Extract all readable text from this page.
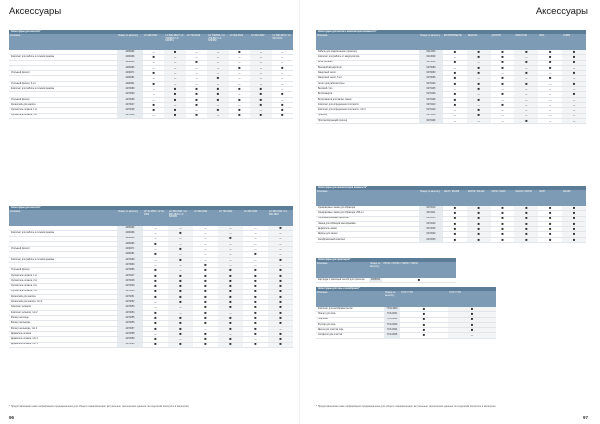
Аксессуары
Аксессуары для насосов*								
Описание	Номер по каталогу	LC 600-4522	LC 800-4522 / LC 700/952 / LC 600/951	LC 700-4522	LC 700/952 / LC 700-952 / LC 600/952	LC 600-4522	LC 800-4522	LC 600-4572 / LC 600-4572
	4290290	–	■	–	–	■	–	–
Комплект для работы в сетевом режиме	4290296	■	–	–	–	–	–	–
	4290240	–	–	■	–	–	–	–
	4290280	–	–	–	–	■	–	■
Угольный фильтр	4290271	■	–	–	–	–	–	–
	4290281	–	–	–	■	–	–	–
Угольный фильтр, 3 шт.	4290301	■	–	–	–	–	–	–
Комплект для работы в сетевом режиме	4270089	–	■	■	■	■	■	–
	4270090	–	■	■	■	–	■	■
Угольный фильтр	4270096	–	■	■	■	■	■	–
Кронштейн для насоса	4270047	■	–	■	–	–	■	■
Удлинитель шланга, 1 м	4270048	■	■	–	■	■	–	■
Удлинитель шланга, 3 м	4270049	–	■	■	–	■	■	■
Аксессуары для насосов*							
Описание	Номер по каталогу	LP 10-4552 / LP 10-4552	LC 600-4522 / LC 800-4522 / LC 600/951	LC 600-4522	LC 700-4522	LC 800-4522	LC 600-4522 / LC 600-4522
	4290290	–	–	–	–	–	■
Комплект для работы в сетевом режиме	4290296	–	■	–	–	–	–
	4290240	–	–	–	■	–	–
	4290280	■	–	–	–	–	–
Угольный фильтр	4290271	–	■	–	–	–	–
	4290281	■	–	–	–	■	–
Комплект для работы в сетевом режиме	4270089	–	■	–	–	–	■
	4270090	–	–	■	–	–	–
Угольный фильтр	4270096	■	–	■	■	■	■
Удлинитель шланга, 1 м	4270047	■	■	■	■	■	■
Удлинитель шланга, 2 м	4270048	■	■	■	■	■	■
Удлинитель шланга, 3 м	4270049	■	■	■	■	■	■
Удлинитель шланга, 5 м	4270050	■	■	■	■	■	■
Кронштейн для насоса	4270051	■	■	■	■	■	■
Кронштейн для насоса, тип 2	4270052	–	■	■	■	■	■
Комплект шлангов	4270053	–	–	■	■	■	■
Комплект шлангов, тип 2	4270054	■	–	■	–	■	■
Фильтр на входе	4270055	■	■	■	■	■	■
Фильтр на выходе	4270056	■	■	■	■	■	■
Фильтр на выходе, тип 2	4270057	■	■	–	■	■	–
Держатель шланга	4270058	–	■	■	–	■	■
Держатель шланга, тип 2	4270059	■	–	■	■	–	■
Держатель шланга, тип 3	4270060	■	■	■	■	■	■
* Представленная ниже информация предназначена для общего ознакомления; актуальные технические данные по изделиям смотрите в каталогах.
96
Аксессуары
Аксессуары для весов и анализаторов влажности*							
Описание	Номер по каталогу	ENTRIS/MSE/TE	SECURA	QUINTIX	PRACTUM	MSA	CUBIS
Кабель для подключения к принтеру	6213316	■	■	■	■	■	■
Комплект для работы от аккумулятора	6213000	–	■	■	–	■	■
Блок питания	6279030	■	–	■	■	■	■
Внешний аккумулятор	6279089	–	■	■	–	■	–
Защитный чехол	6279090	■	■	–	■	–	■
Защитный чехол, 5 шт.	6279096	■	–	■	–	■	–
Чехол для рабочей зоны	6279100	■	■	■	■	–	■
Весовой стол	6279105	–	■	–	–	–	–
Ветрозащита	6279106	■	–	■	–	–	■
Ветрозащита для малых чашек	6279108	■	■	–	–	–	–
Комплект для определения плотности	6279110	■	–	■	–	–	–
Комплект для определения плотности, тип 2	6279120	–	■	–	–	–	–
Принтер	6279150	–	■	–	–	–	–
Протоколирующий принтер	6279160	–	–	–	■	–	–
Аксессуары для анализаторов влажности*							
Описание	Номер по каталогу	MA37 / MA160	MA150 / MA160	MA30 / MA45	MA100 / MA150	MA37	MA160
Одноразовые чашки для образцов	6272010	■	■	■	■	■	■
Одноразовые чашки для образцов, 250 шт.	6272011	■	■	■	■	■	■
Стекловолоконные фильтры	6272015	■	■	■	■	■	■
Чашка для образцов многоразовая	6272020	■	■	■	■	■	■
Держатель чашки	6272025	■	■	■	■	■	■
Щипцы для чашек	6272030	■	■	■	■	■	■
Калибровочный комплект	6272035	■	■	■	■	■	■
Аксессуары для принтеров*		
Описание	Номер по каталогу	YDP10 / YDP20 / YDP30 / YDP40
Картридж с красящей лентой для принтера	6906918	■
Аксессуары для гирь и калибровки*			
Описание	Номер по каталогу	YCW / YCS	YCW / YCS
Комплект для калибровки весов	YCW-4520	■	■
Пинцет для гирь	YCS-0001	■	■
Перчатки	YCS-0002	■	■
Футляр для гирь	YCS-0003	■	■
Щетка для очистки гирь	YCS-0004	■	■
Салфетки для очистки	YCS-0005	■	–
* Представленная ниже информация предназначена для общего ознакомления; актуальные технические данные по изделиям смотрите в каталогах.
97
